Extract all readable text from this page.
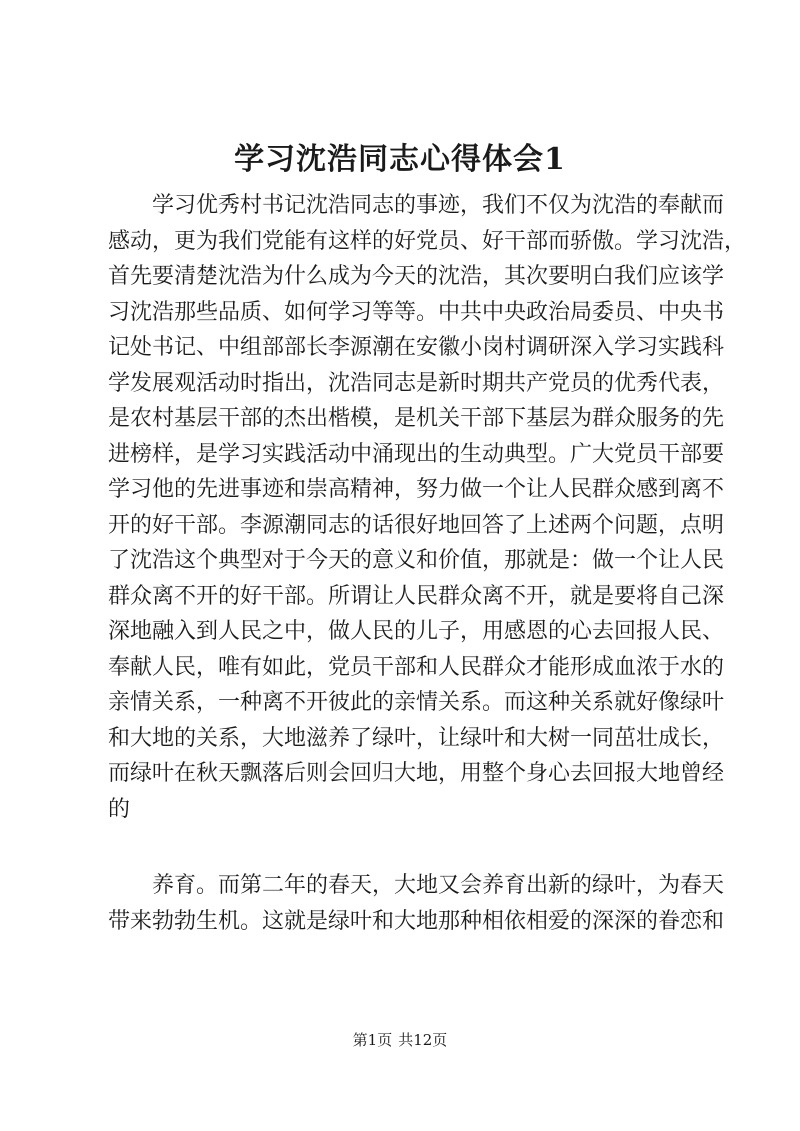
学习沈浩同志心得体会1
学习优秀村书记沈浩同志的事迹，我们不仅为沈浩的奉献而
感动，更为我们党能有这样的好党员、好干部而骄傲。学习沈浩，
首先要清楚沈浩为什么成为今天的沈浩，其次要明白我们应该学
习沈浩那些品质、如何学习等等。中共中央政治局委员、中央书
记处书记、中组部部长李源潮在安徽小岗村调研深入学习实践科
学发展观活动时指出，沈浩同志是新时期共产党员的优秀代表，
是农村基层干部的杰出楷模，是机关干部下基层为群众服务的先
进榜样，是学习实践活动中涌现出的生动典型。广大党员干部要
学习他的先进事迹和崇高精神，努力做一个让人民群众感到离不
开的好干部。李源潮同志的话很好地回答了上述两个问题，点明
了沈浩这个典型对于今天的意义和价值，那就是：做一个让人民
群众离不开的好干部。所谓让人民群众离不开，就是要将自己深
深地融入到人民之中，做人民的儿子，用感恩的心去回报人民、
奉献人民，唯有如此，党员干部和人民群众才能形成血浓于水的
亲情关系，一种离不开彼此的亲情关系。而这种关系就好像绿叶
和大地的关系，大地滋养了绿叶，让绿叶和大树一同茁壮成长，
而绿叶在秋天飘落后则会回归大地，用整个身心去回报大地曾经
的
养育。而第二年的春天，大地又会养育出新的绿叶，为春天
带来勃勃生机。这就是绿叶和大地那种相依相爱的深深的眷恋和
第1页 共12页
